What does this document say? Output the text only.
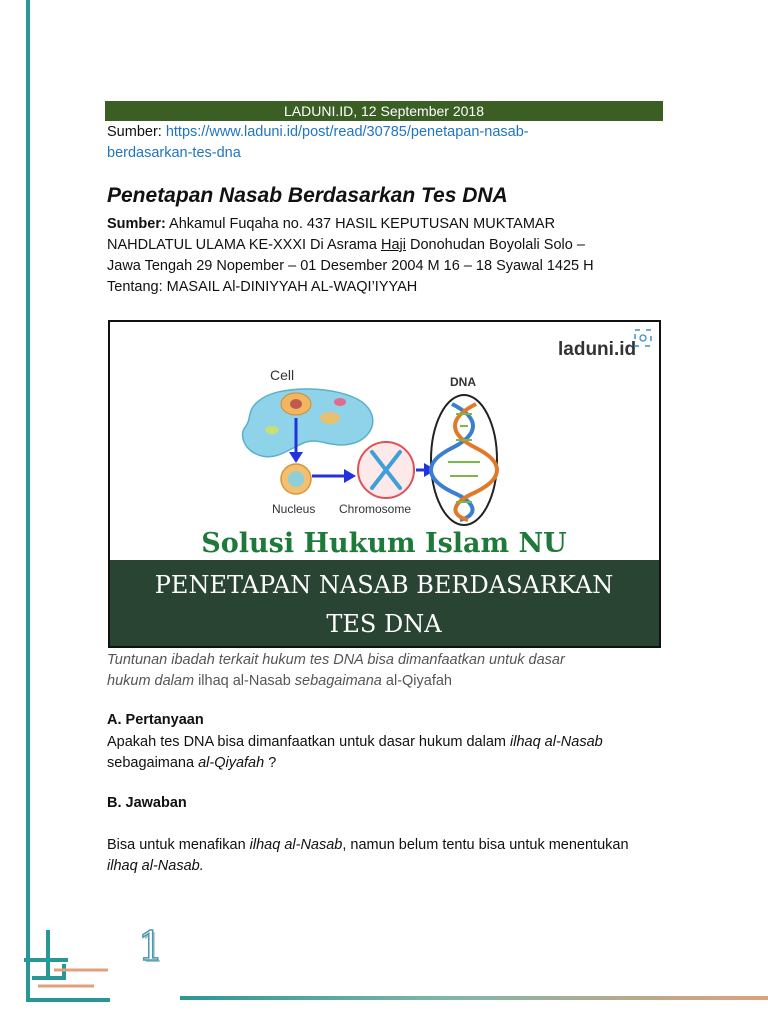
LADUNI.ID, 12 September 2018
Sumber: https://www.laduni.id/post/read/30785/penetapan-nasab-
berdasarkan-tes-dna
Penetapan Nasab Berdasarkan Tes DNA
Sumber: Ahkamul Fuqaha no. 437 HASIL KEPUTUSAN MUKTAMAR
NAHDLATUL ULAMA KE-XXXI Di Asrama Haji Donohudan Boyolali Solo –
Jawa Tengah 29 Nopember – 01 Desember 2004 M 16 – 18 Syawal 1425 H
Tentang: MASAIL Al-DINIYYAH AL-WAQI’IYYAH
laduni.id
Cell
Nucleus Chromosome
DNA
Solusi Hukum Islam NU
PENETAPAN NASAB BERDASARKAN
TES DNA
Tuntunan ibadah terkait hukum tes DNA bisa dimanfaatkan untuk dasar
hukum dalam ilhaq al-Nasab sebagaimana al-Qiyafah
A. Pertanyaan
Apakah tes DNA bisa dimanfaatkan untuk dasar hukum dalam ilhaq al-Nasab sebagaimana al-Qiyafah ?
B. Jawaban
Bisa untuk menafikan ilhaq al-Nasab, namun belum tentu bisa untuk menentukan ilhaq al-Nasab.
1
